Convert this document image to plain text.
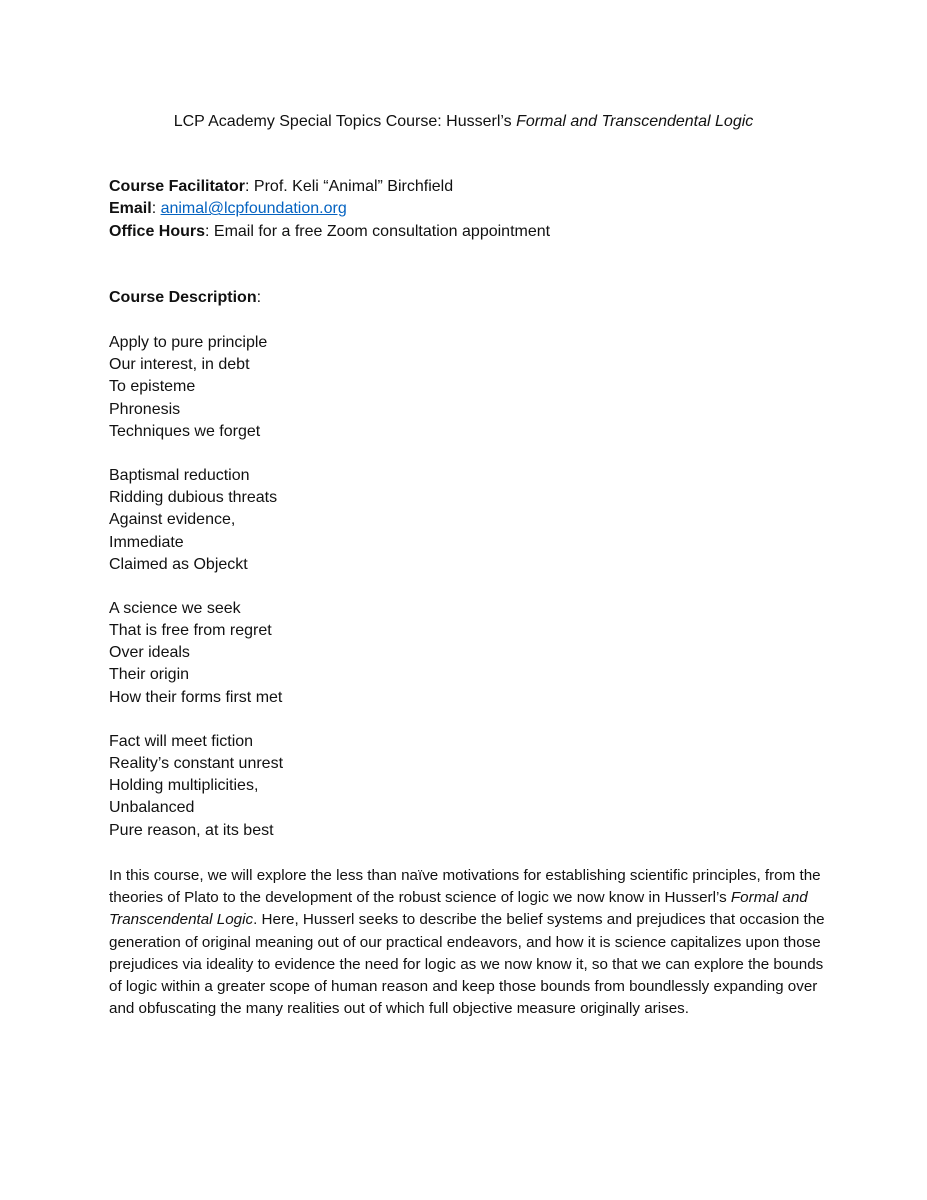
LCP Academy Special Topics Course: Husserl’s Formal and Transcendental Logic
Course Facilitator: Prof. Keli “Animal” Birchfield
Email: animal@lcpfoundation.org
Office Hours: Email for a free Zoom consultation appointment
Course Description:
Apply to pure principle
Our interest, in debt
To episteme
Phronesis
Techniques we forget
Baptismal reduction
Ridding dubious threats
Against evidence,
Immediate
Claimed as Objeckt
A science we seek
That is free from regret
Over ideals
Their origin
How their forms first met
Fact will meet fiction
Reality’s constant unrest
Holding multiplicities,
Unbalanced
Pure reason, at its best
In this course, we will explore the less than naïve motivations for establishing scientific principles, from the theories of Plato to the development of the robust science of logic we now know in Husserl’s Formal and Transcendental Logic. Here, Husserl seeks to describe the belief systems and prejudices that occasion the generation of original meaning out of our practical endeavors, and how it is science capitalizes upon those prejudices via ideality to evidence the need for logic as we now know it, so that we can explore the bounds of logic within a greater scope of human reason and keep those bounds from boundlessly expanding over and obfuscating the many realities out of which full objective measure originally arises.
